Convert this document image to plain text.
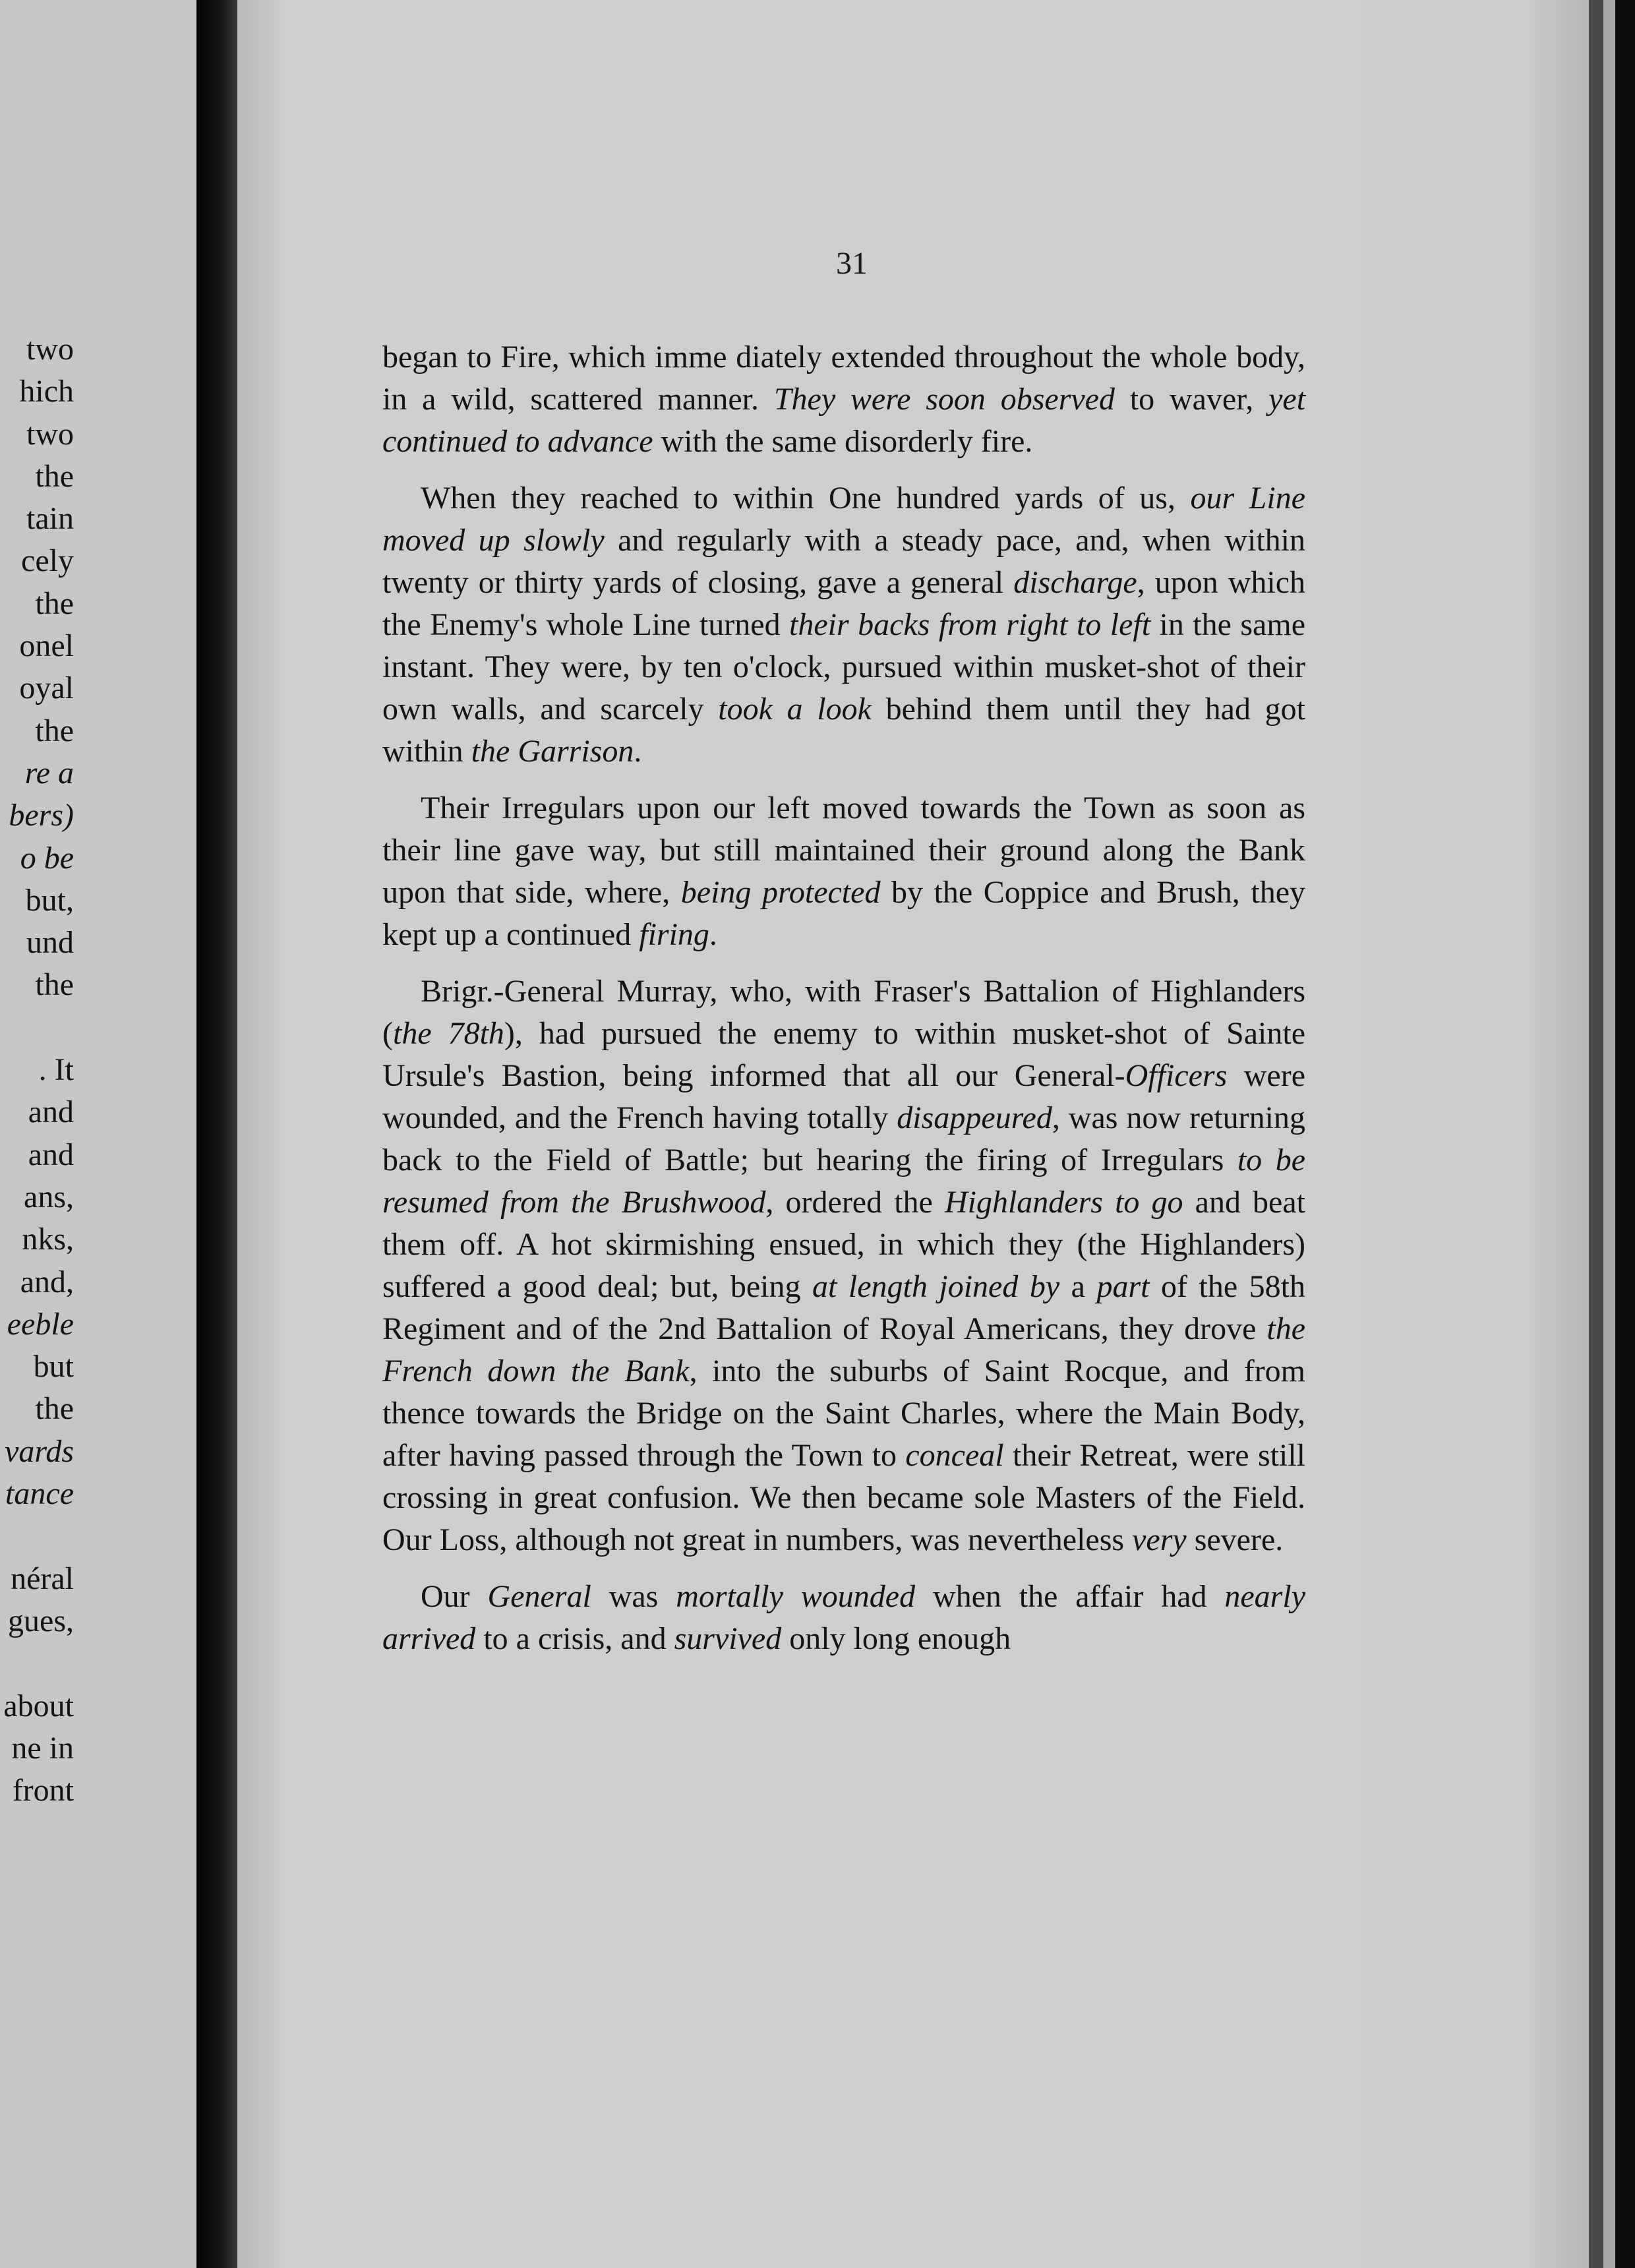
two
hich
two
the
tain
cely
the
onel
oyal
the
re a
bers)
o be
but,
und
the

. It
and
and
ans,
nks,
and,
eeble
but
the
vards
tance

néral
gues,

about
ne in
front
31

began to Fire, which imme diately extended throughout the whole body, in a wild, scattered manner. They were soon observed to waver, yet continued to advance with the same disorderly fire.

When they reached to within One hundred yards of us, our Line moved up slowly and regularly with a steady pace, and, when within twenty or thirty yards of closing, gave a general discharge, upon which the Enemy's whole Line turned their backs from right to left in the same instant. They were, by ten o'clock, pursued within musket-shot of their own walls, and scarcely took a look behind them until they had got within the Garrison.

Their Irregulars upon our left moved towards the Town as soon as their line gave way, but still maintained their ground along the Bank upon that side, where, being protected by the Coppice and Brush, they kept up a continued firing.

Brigr.-General Murray, who, with Fraser's Battalion of Highlanders (the 78th), had pursued the enemy to within musket-shot of Sainte Ursule's Bastion, being informed that all our General-Officers were wounded, and the French having totally disappeured, was now returning back to the Field of Battle; but hearing the firing of Irregulars to be resumed from the Brushwood, ordered the Highlanders to go and beat them off. A hot skirmishing ensued, in which they (the Highlanders) suffered a good deal; but, being at length joined by a part of the 58th Regiment and of the 2nd Battalion of Royal Americans, they drove the French down the Bank, into the suburbs of Saint Rocque, and from thence towards the Bridge on the Saint Charles, where the Main Body, after having passed through the Town to conceal their Retreat, were still crossing in great confusion. We then became sole Masters of the Field. Our Loss, although not great in numbers, was nevertheless very severe.

Our General was mortally wounded when the affair had nearly arrived to a crisis, and survived only long enough
